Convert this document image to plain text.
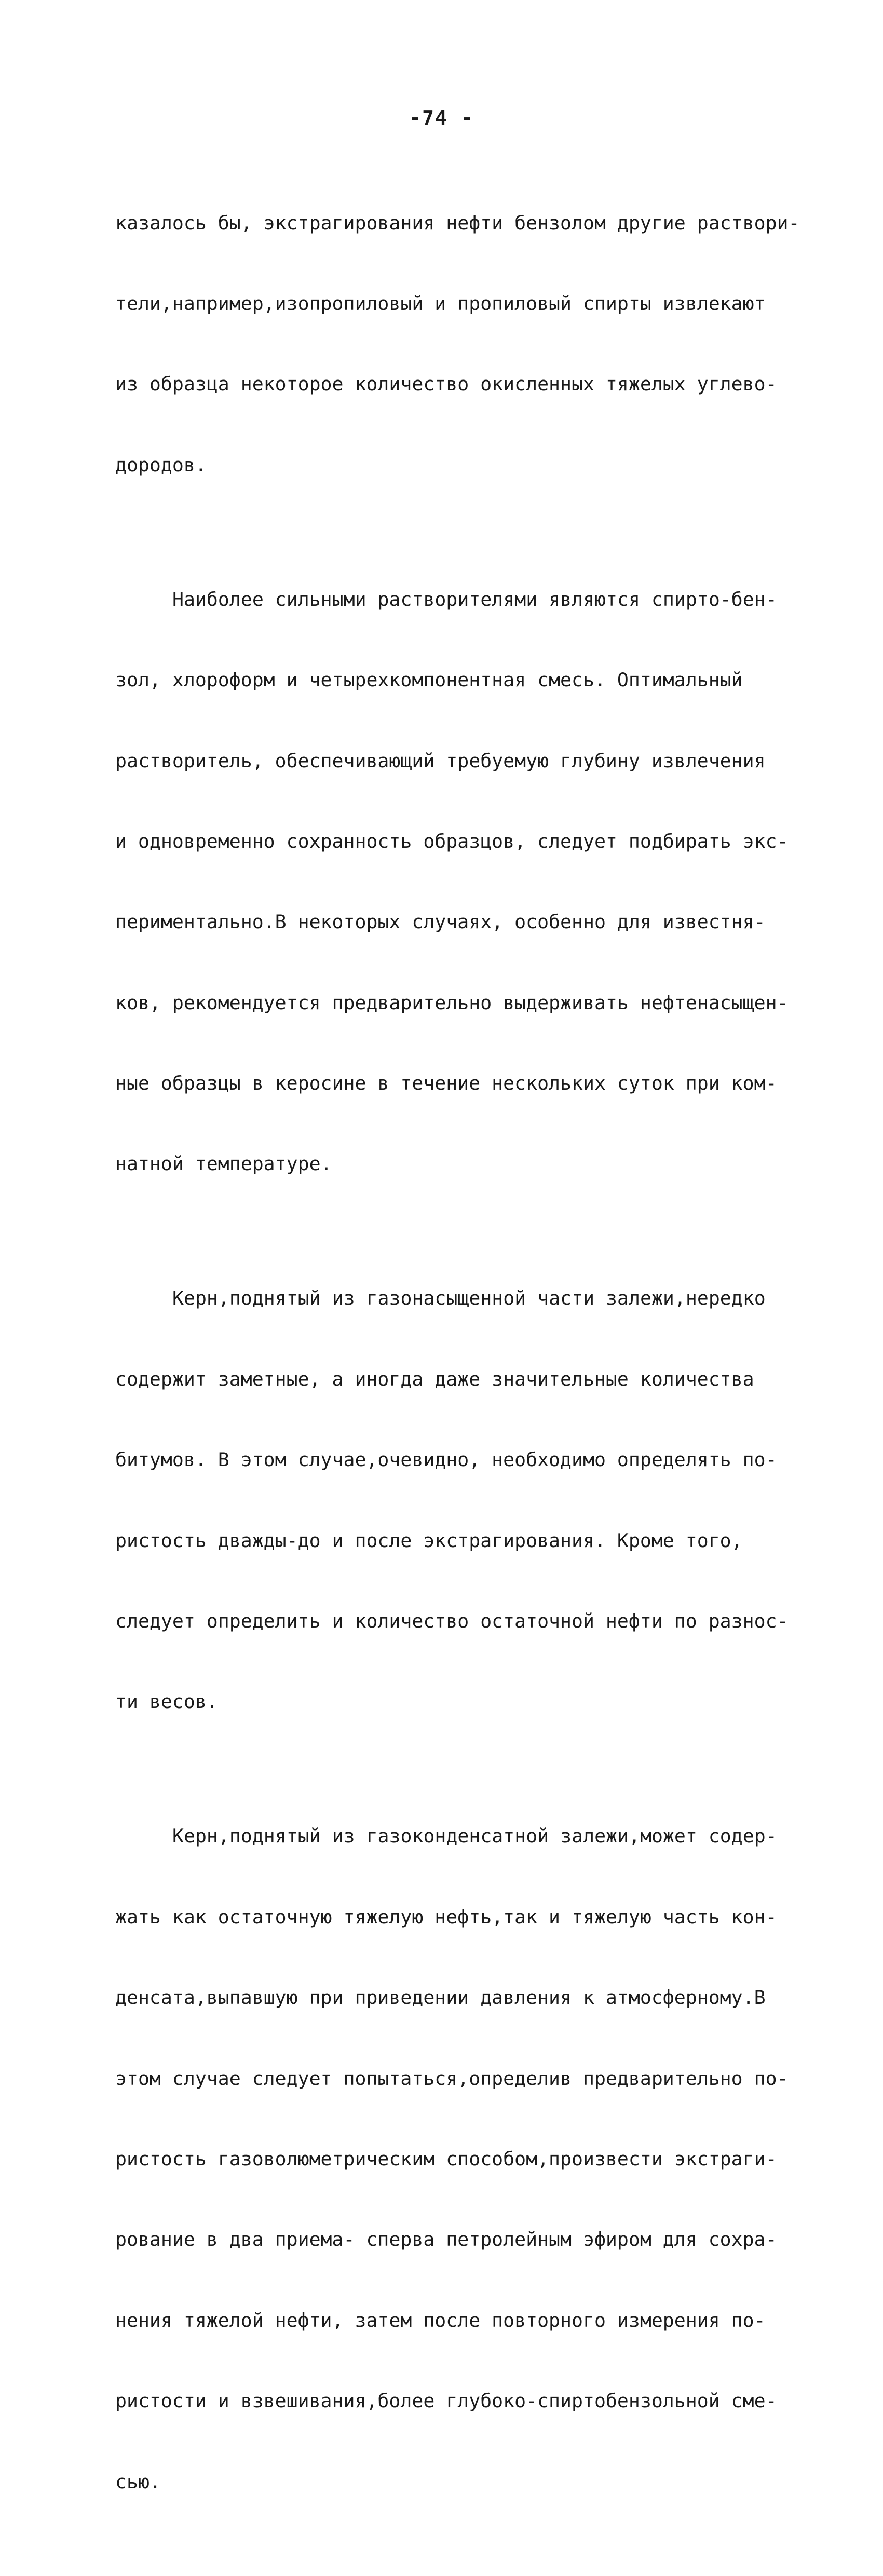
-74 -

казалось бы, экстрагирования нефти бензолом другие раствори-

тели,например,изопропиловый и пропиловый спирты извлекают

из образца некоторое количество окисленных тяжелых углево-

дородов.

Наиболее сильными растворителями являются спирто-бен-

зол, хлороформ и четырехкомпонентная смесь. Оптимальный

растворитель, обеспечивающий требуемую глубину извлечения

и одновременно сохранность образцов, следует подбирать экс-

периментально.В некоторых случаях, особенно для известня-

ков, рекомендуется предварительно выдерживать нефтенасыщен-

ные образцы в керосине в течение нескольких суток при ком-

натной температуре.

Керн,поднятый из газонасыщенной части залежи,нередко

содержит заметные, а иногда даже значительные количества

битумов. В этом случае,очевидно, необходимо определять по-

ристость дважды-до и после экстрагирования. Кроме того,

следует определить и количество остаточной нефти по разнос-

ти весов.

Керн,поднятый из газоконденсатной залежи,может содер-

жать как остаточную тяжелую нефть,так и тяжелую часть кон-

денсата,выпавшую при приведении давления к атмосферному.В

этом случае следует попытаться,определив предварительно по-

ристость газоволюметрическим способом,произвести экстраги-

рование в два приема- сперва петролейным эфиром для сохра-

нения тяжелой нефти, затем после повторного измерения по-

ристости и взвешивания,более глубоко-спиртобензольной сме-

сью.
